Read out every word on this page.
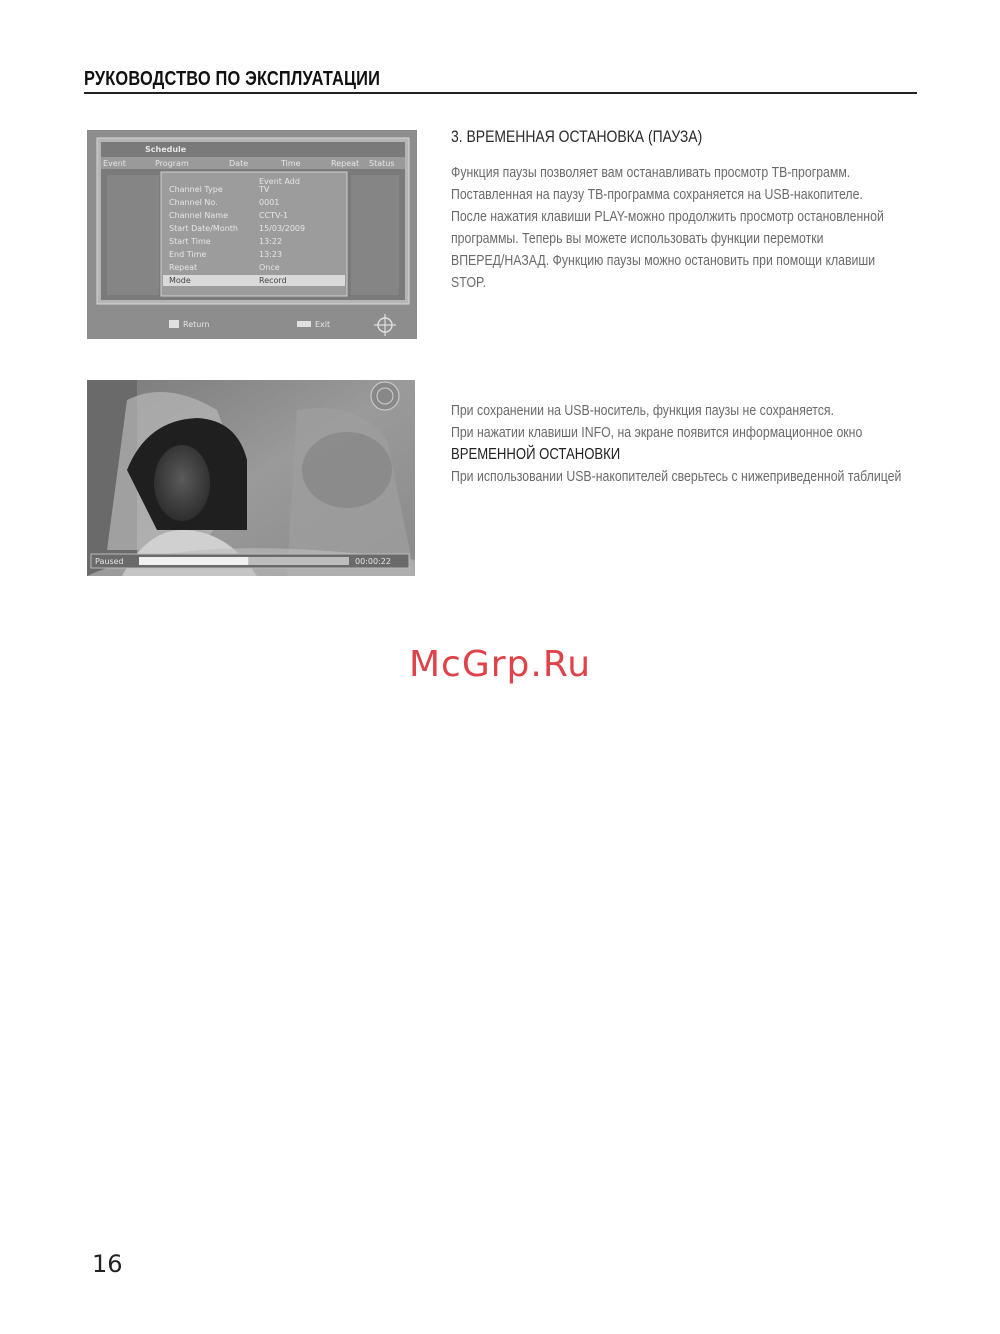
РУКОВОДСТВО ПО ЭКСПЛУАТАЦИИ
Schedule
Event	Program	Date	Time	Repeat Status
Event Add
Channel Type	TV
Channel No.	0001
Channel Name	CCTV-1
Start Date/Month	15/03/2009
Start Time	13:22
End Time	13:23
Repeat	Once
Mode	Record
Return	Exit
Paused	00:00:22
3. ВРЕМЕННАЯ ОСТАНОВКА (ПАУЗА)
Функция паузы позволяет вам останавливать просмотр ТВ-программ.
Поставленная на паузу ТВ-программа сохраняется на USB-накопителе.
После нажатия клавиши PLAY-можно продолжить просмотр остановленной
программы. Теперь вы можете использовать функции перемотки
ВПЕРЕД/НАЗАД. Функцию паузы можно остановить при помощи клавиши
STOP.
При сохранении на USB-носитель, функция паузы не сохраняется.
При нажатии клавиши INFO, на экране появится информационное окно
ВРЕМЕННОЙ ОСТАНОВКИ
При использовании USB-накопителей сверьтесь с нижеприведенной таблицей
McGrp.Ru
16
